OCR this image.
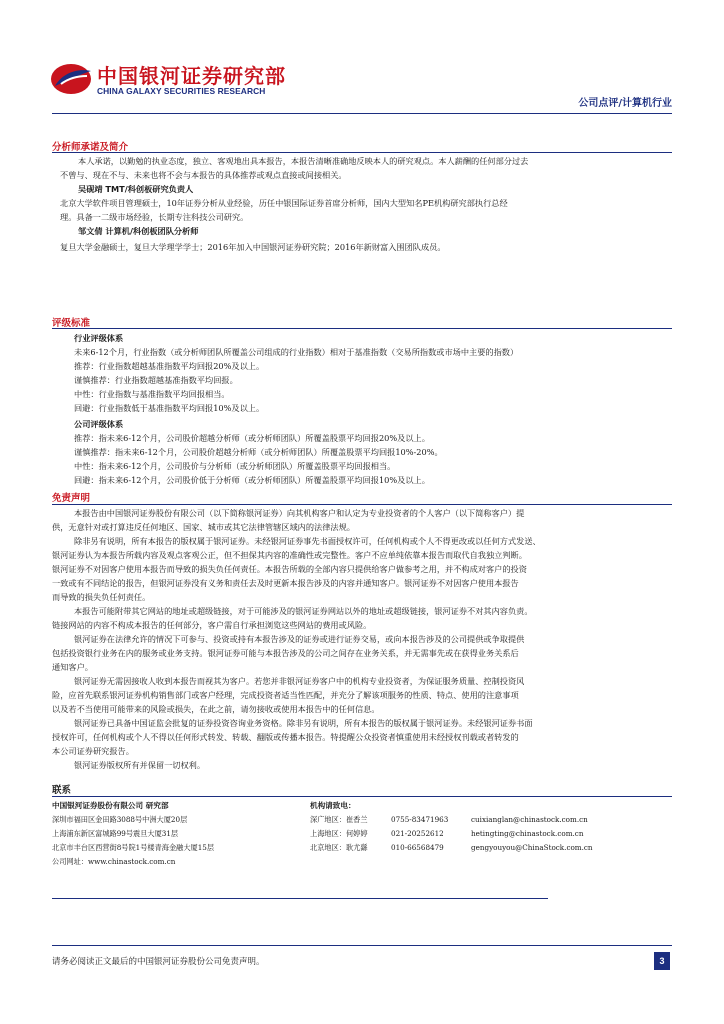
中国银河证券研究部
CHINA GALAXY SECURITIES RESEARCH
公司点评/计算机行业
分析师承诺及简介
本人承诺，以勤勉的执业态度，独立、客观地出具本报告，本报告清晰准确地反映本人的研究观点。本人薪酬的任何部分过去
不曾与、现在不与、未来也将不会与本报告的具体推荐或观点直接或间接相关。
吴砚靖 TMT/科创板研究负责人
北京大学软件项目管理硕士，10年证券分析从业经验，历任中银国际证券首席分析师，国内大型知名PE机构研究部执行总经
理。具备一二级市场经验，长期专注科技公司研究。
邹文倩 计算机/科创板团队分析师
复旦大学金融硕士，复旦大学理学学士；2016年加入中国银河证券研究院；2016年新财富入围团队成员。
评级标准
行业评级体系
未来6-12个月，行业指数（或分析师团队所覆盖公司组成的行业指数）相对于基准指数（交易所指数或市场中主要的指数）
推荐：行业指数超越基准指数平均回报20%及以上。
谨慎推荐：行业指数超越基准指数平均回报。
中性：行业指数与基准指数平均回报相当。
回避：行业指数低于基准指数平均回报10%及以上。
公司评级体系
推荐：指未来6-12个月，公司股价超越分析师（或分析师团队）所覆盖股票平均回报20%及以上。
谨慎推荐：指未来6-12个月，公司股价超越分析师（或分析师团队）所覆盖股票平均回报10%-20%。
中性：指未来6-12个月，公司股价与分析师（或分析师团队）所覆盖股票平均回报相当。
回避：指未来6-12个月，公司股价低于分析师（或分析师团队）所覆盖股票平均回报10%及以上。
免责声明
本报告由中国银河证券股份有限公司（以下简称银河证券）向其机构客户和认定为专业投资者的个人客户（以下简称客户）提
供，无意针对或打算违反任何地区、国家、城市或其它法律管辖区域内的法律法规。
除非另有说明，所有本报告的版权属于银河证券。未经银河证券事先书面授权许可，任何机构或个人不得更改或以任何方式发送、
银河证券认为本报告所载内容及观点客观公正，但不担保其内容的准确性或完整性。客户不应单纯依靠本报告而取代自我独立判断。
银河证券不对因客户使用本报告而导致的损失负任何责任。本报告所载的全部内容只提供给客户做参考之用，并不构成对客户的投资
一致或有不同结论的报告，但银河证券没有义务和责任去及时更新本报告涉及的内容并通知客户。银河证券不对因客户使用本报告
而导致的损失负任何责任。
本报告可能附带其它网站的地址或超级链接，对于可能涉及的银河证券网站以外的地址或超级链接，银河证券不对其内容负责。
链接网站的内容不构成本报告的任何部分，客户需自行承担浏览这些网站的费用或风险。
银河证券在法律允许的情况下可参与、投资或持有本报告涉及的证券或进行证券交易，或向本报告涉及的公司提供或争取提供
包括投资银行业务在内的服务或业务支持。银河证券可能与本报告涉及的公司之间存在业务关系，并无需事先或在获得业务关系后
通知客户。
银河证券无需因接收人收到本报告而视其为客户。若您并非银河证券客户中的机构专业投资者，为保证服务质量、控制投资风
险，应首先联系银河证券机构销售部门或客户经理，完成投资者适当性匹配，并充分了解该项服务的性质、特点、使用的注意事项
以及若不当使用可能带来的风险或损失，在此之前，请勿接收或使用本报告中的任何信息。
银河证券已具备中国证监会批复的证券投资咨询业务资格。除非另有说明，所有本报告的版权属于银河证券。未经银河证券书面
授权许可，任何机构或个人不得以任何形式转发、转载、翻版或传播本报告。特提醒公众投资者慎重使用未经授权刊载或者转发的
本公司证券研究报告。
银河证券版权所有并保留一切权利。
联系
中国银河证券股份有限公司 研究部
深圳市福田区金田路3088号中洲大厦20层
上海浦东新区富城路99号震旦大厦31层
北京市丰台区西营街8号院1号楼青海金融大厦15层
公司网址：www.chinastock.com.cn
机构请致电：
深广地区：崔香兰	0755-83471963	cuixianglan@chinastock.com.cn
上海地区：何婷婷	021-20252612	hetingting@chinastock.com.cn
北京地区：耿尤繇	010-66568479	gengyouyou@ChinaStock.com.cn
请务必阅读正文最后的中国银河证券股份公司免责声明。	3
